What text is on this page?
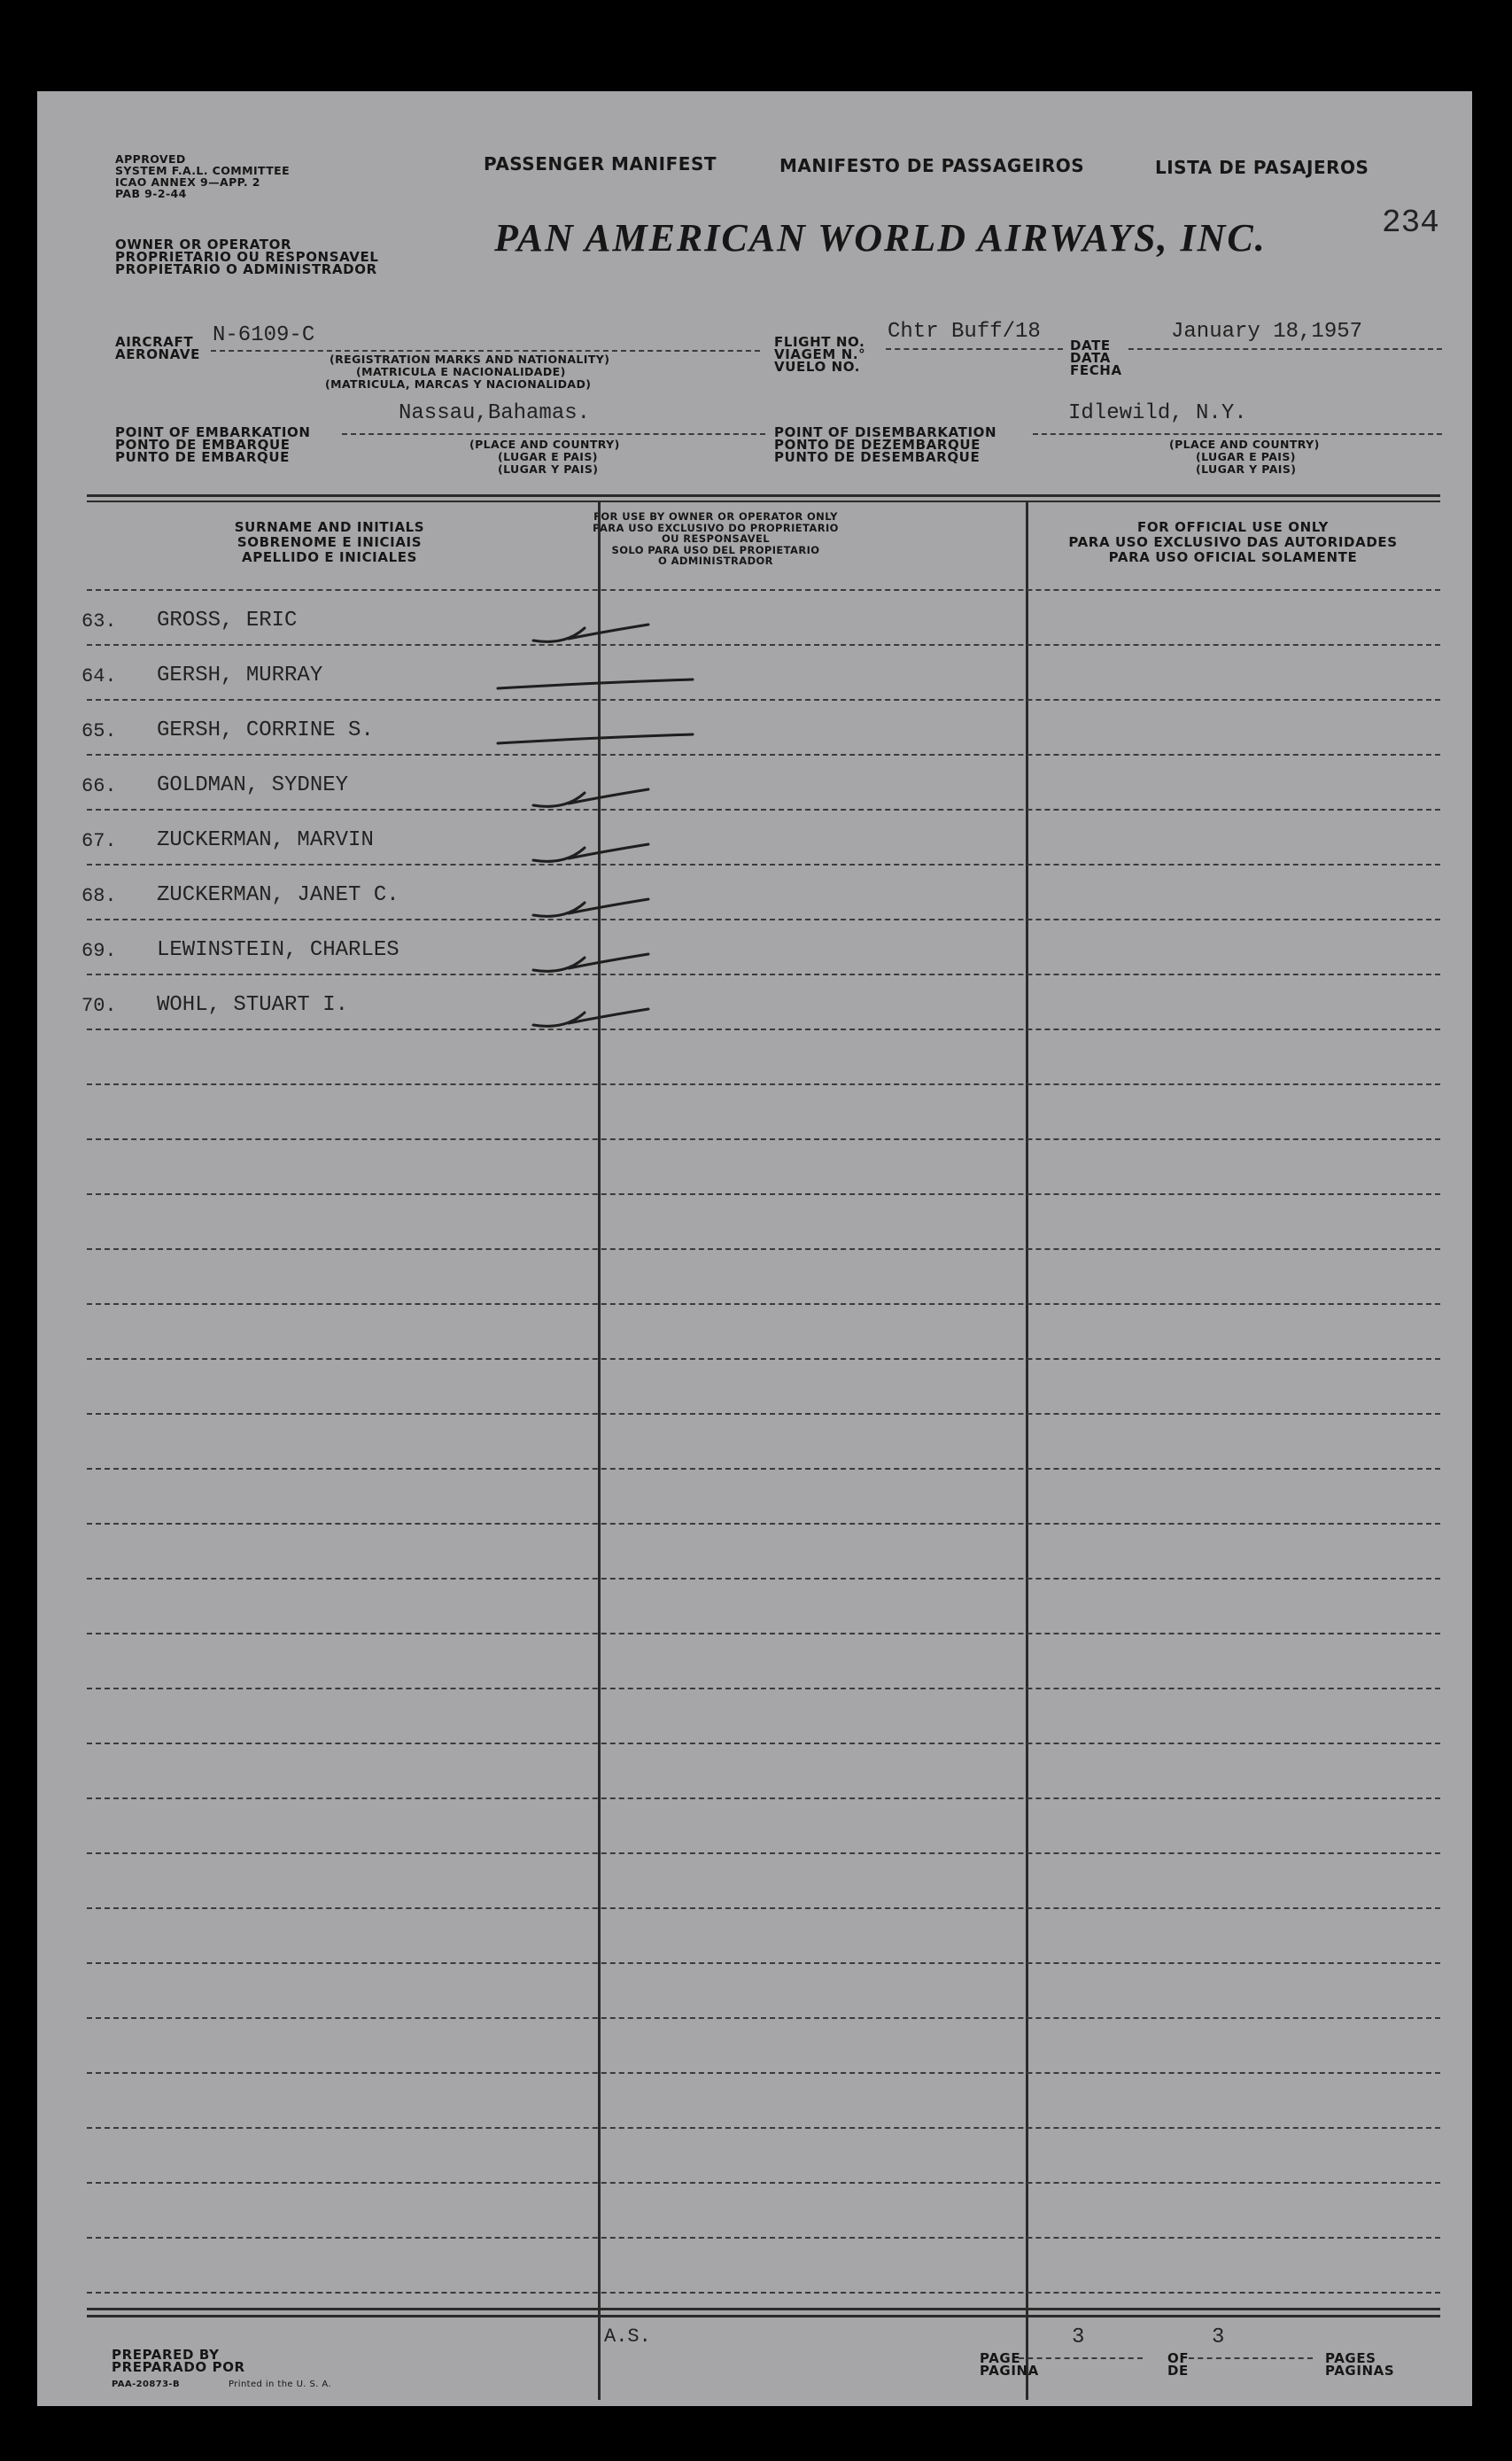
APPROVED
SYSTEM F.A.L. COMMITTEE
ICAO ANNEX 9—APP. 2
PAB 9-2-44
PASSENGER MANIFEST	MANIFESTO DE PASSAGEIROS	LISTA DE PASAJEROS
234
OWNER OR OPERATOR
PROPRIETARIO OU RESPONSAVEL
PROPIETARIO O ADMINISTRADOR
PAN AMERICAN WORLD AIRWAYS, INC.
AIRCRAFT
AERONAVE
N-6109-C
(REGISTRATION MARKS AND NATIONALITY)
(MATRICULA E NACIONALIDADE)
(MATRICULA, MARCAS Y NACIONALIDAD)
FLIGHT NO.
VIAGEM N.°
VUELO NO.
Chtr Buff/18
DATE
DATA
FECHA
January 18,1957
POINT OF EMBARKATION
PONTO DE EMBARQUE
PUNTO DE EMBARQUE
Nassau,Bahamas.
(PLACE AND COUNTRY)
(LUGAR E PAIS)
(LUGAR Y PAIS)
POINT OF DISEMBARKATION
PONTO DE DEZEMBARQUE
PUNTO DE DESEMBARQUE
Idlewild, N.Y.
(PLACE AND COUNTRY)
(LUGAR E PAIS)
(LUGAR Y PAIS)
SURNAME AND INITIALS
SOBRENOME E INICIAIS
APELLIDO E INICIALES
FOR USE BY OWNER OR OPERATOR ONLY
PARA USO EXCLUSIVO DO PROPRIETARIO
OU RESPONSAVEL
SOLO PARA USO DEL PROPIETARIO
O ADMINISTRADOR
FOR OFFICIAL USE ONLY
PARA USO EXCLUSIVO DAS AUTORIDADES
PARA USO OFICIAL SOLAMENTE
63.	GROSS, ERIC
64.	GERSH, MURRAY
65.	GERSH, CORRINE S.
66.	GOLDMAN, SYDNEY
67.	ZUCKERMAN, MARVIN
68.	ZUCKERMAN, JANET C.
69.	LEWINSTEIN, CHARLES
70.	WOHL, STUART I.
PREPARED BY
PREPARADO POR
A.S.
PAA-20873-B	Printed in the U. S. A.
PAGE
PAGINA
3
OF
DE
3
PAGES
PAGINAS
